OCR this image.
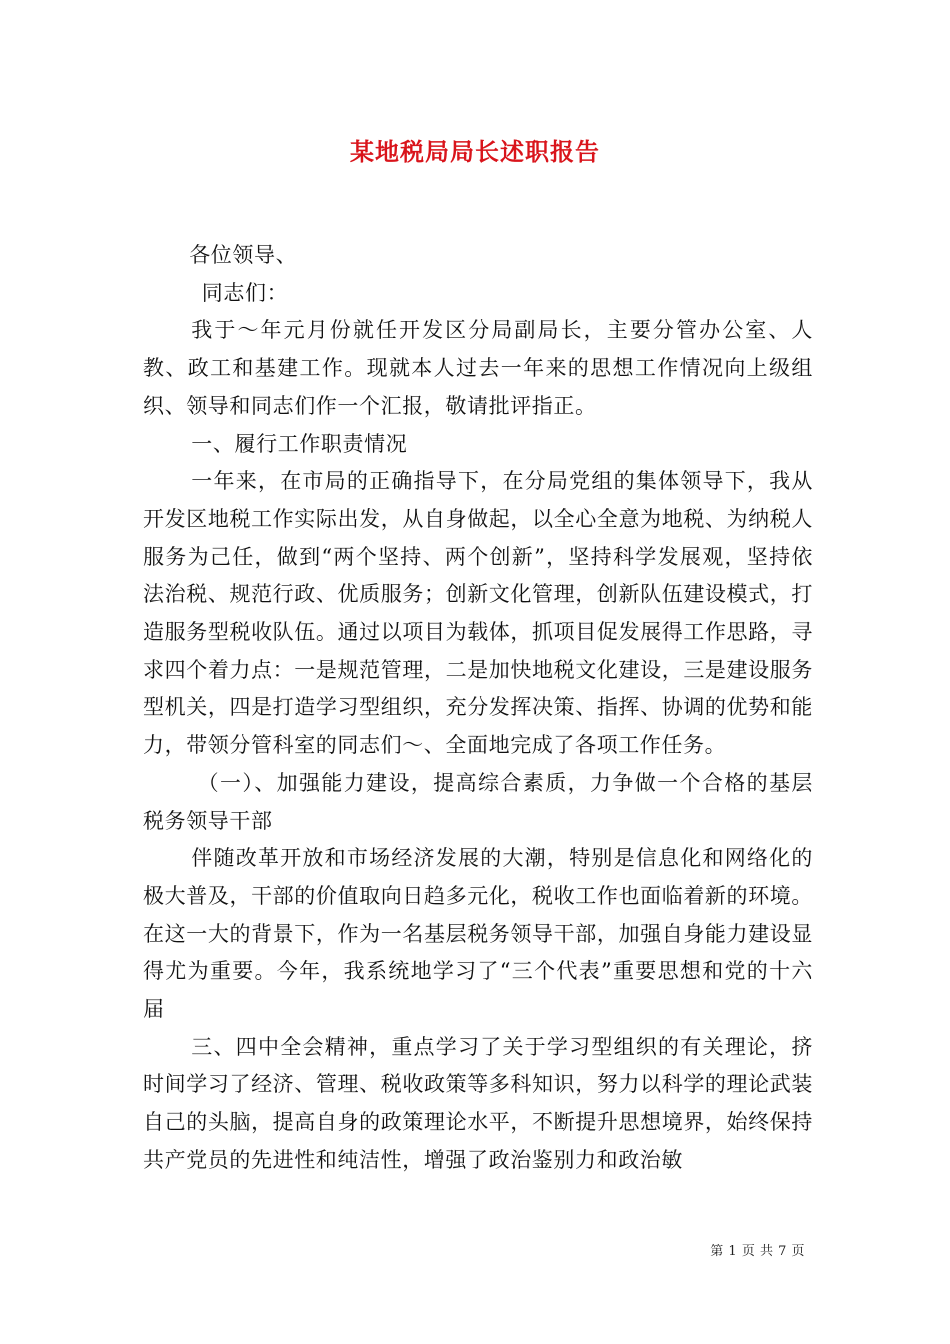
某地税局局长述职报告

各位领导、

同志们：

我于～年元月份就任开发区分局副局长，主要分管办公室、人教、政工和基建工作。现就本人过去一年来的思想工作情况向上级组织、领导和同志们作一个汇报，敬请批评指正。

一、履行工作职责情况

一年来，在市局的正确指导下，在分局党组的集体领导下，我从开发区地税工作实际出发，从自身做起，以全心全意为地税、为纳税人服务为己任，做到“两个坚持、两个创新”，坚持科学发展观，坚持依法治税、规范行政、优质服务；创新文化管理，创新队伍建设模式，打造服务型税收队伍。通过以项目为载体，抓项目促发展得工作思路，寻求四个着力点：一是规范管理，二是加快地税文化建设，三是建设服务型机关，四是打造学习型组织，充分发挥决策、指挥、协调的优势和能力，带领分管科室的同志们～、全面地完成了各项工作任务。

（一）、加强能力建设，提高综合素质，力争做一个合格的基层税务领导干部

伴随改革开放和市场经济发展的大潮，特别是信息化和网络化的极大普及，干部的价值取向日趋多元化，税收工作也面临着新的环境。在这一大的背景下，作为一名基层税务领导干部，加强自身能力建设显得尤为重要。今年，我系统地学习了“三个代表”重要思想和党的十六届

三、四中全会精神，重点学习了关于学习型组织的有关理论，挤时间学习了经济、管理、税收政策等多科知识，努力以科学的理论武装自己的头脑，提高自身的政策理论水平，不断提升思想境界，始终保持共产党员的先进性和纯洁性，增强了政治鉴别力和政治敏

第 1 页 共 7 页
